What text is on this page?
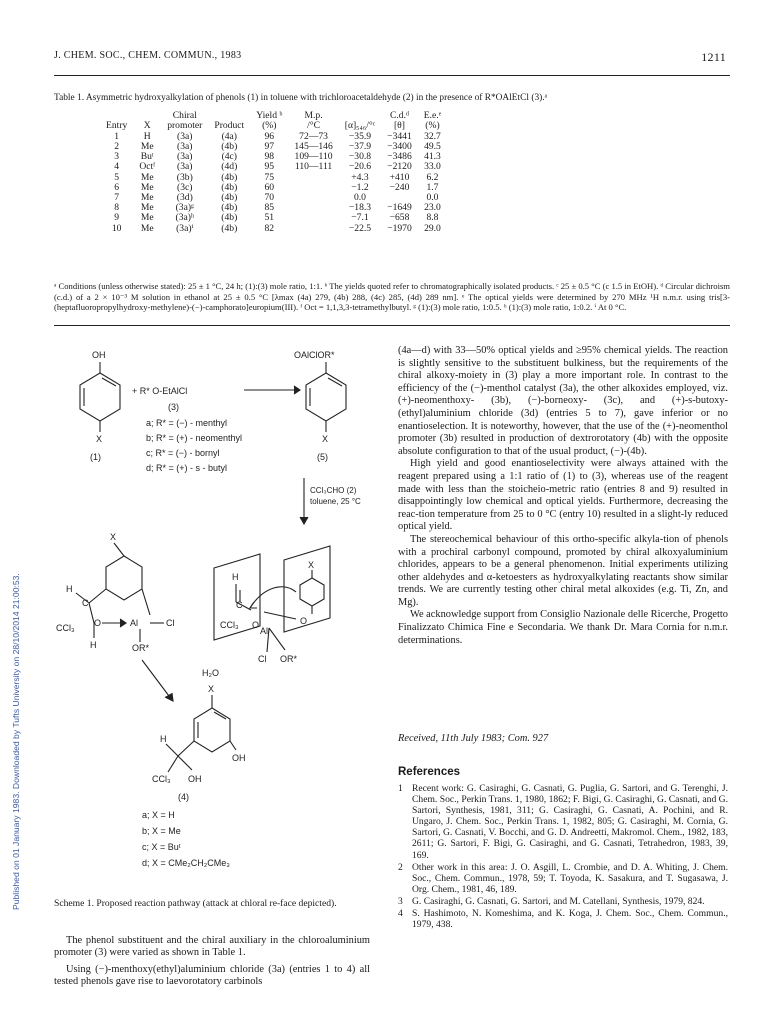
J. CHEM. SOC., CHEM. COMMUN., 1983	1211
Table 1. Asymmetric hydroxyalkylation of phenols (1) in toluene with trichloroacetaldehyde (2) in the presence of R*OAlEtCl (3).ᵃ
		Chiral		Yield ᵇ	M.p.		C.d.ᵈ	E.e.ᵉ
Entry	X	promoter	Product	(%)	/°C	[α]₅₄₆/°ᶜ	[θ]	(%)
1	H	(3a)	(4a)	96	72—73	−35.9	−3441	32.7
2	Me	(3a)	(4b)	97	145—146	−37.9	−3400	49.5
3	Buᵗ	(3a)	(4c)	98	109—110	−30.8	−3486	41.3
4	Octᶠ	(3a)	(4d)	95	110—111	−20.6	−2120	33.0
5	Me	(3b)	(4b)	75		+4.3	+410	6.2
6	Me	(3c)	(4b)	60		−1.2	−240	1.7
7	Me	(3d)	(4b)	70		0.0		0.0
8	Me	(3a)ᵍ	(4b)	85		−18.3	−1649	23.0
9	Me	(3a)ʰ	(4b)	51		−7.1	−658	8.8
10	Me	(3a)ⁱ	(4b)	82		−22.5	−1970	29.0
ᵃ Conditions (unless otherwise stated): 25 ± 1 °C, 24 h; (1):(3) mole ratio, 1:1. ᵇ The yields quoted refer to chromatographically isolated products. ᶜ 25 ± 0.5 °C (c 1.5 in EtOH). ᵈ Circular dichroism (c.d.) of a 2 × 10⁻³ M solution in ethanol at 25 ± 0.5 °C [λmax (4a) 279, (4b) 288, (4c) 285, (4d) 289 nm]. ᵉ The optical yields were determined by 270 MHz ¹H n.m.r. using tris[3-(heptafluoropropylhydroxy-methylene)-(−)-camphorato]europium(III). ᶠ Oct = 1,1,3,3-tetramethylbutyl. ᵍ (1):(3) mole ratio, 1:0.5. ʰ (1):(3) mole ratio, 1:0.2. ⁱ At 0 °C.
Published on 01 January 1983. Downloaded by Tufts University on 28/10/2014 21:00:53.
OH
X
(1)
+ R* O-EtAlCl
(3)
a; R* = (−) - menthyl
b; R* = (+) - neomenthyl
c; R* = (−) - bornyl
d; R* = (+) - s - butyl
OAlClOR*
X
(5)
CCl₃CHO (2)
toluene, 25 °C
X
H
C
CCl₃ O
H
Al	Cl
OR*
H
C
CCl₃ O
Al
O
X
Cl OR*
H₂O
X
H
OH
CCl₃ OH
(4)
a; X = H
b; X = Me
c; X = Buᵗ
d; X = CMe₂CH₂CMe₃
Scheme 1. Proposed reaction pathway (attack at chloral re-face depicted).

The phenol substituent and the chiral auxiliary in the chloroaluminium promoter (3) were varied as shown in Table 1.

Using (−)-menthoxy(ethyl)aluminium chloride (3a) (entries 1 to 4) all tested phenols gave rise to laevorotatory carbinols

(4a—d) with 33—50% optical yields and ≥95% chemical yields. The reaction is slightly sensitive to the substituent bulkiness, but the requirements of the chiral alkoxy-moiety in (3) play a more important role. In contrast to the efficiency of the (−)-menthol catalyst (3a), the other alkoxides employed, viz. (+)-neomenthoxy- (3b), (−)-borneoxy- (3c), and (+)-s-butoxy-(ethyl)aluminium chloride (3d) (entries 5 to 7), gave inferior or no enantioselection. It is noteworthy, however, that the use of the (+)-neomenthol promoter (3b) resulted in production of dextrorotatory (4b) with the opposite absolute configuration to that of the usual product, (−)-(4b).

High yield and good enantioselectivity were always attained with the reagent prepared using a 1:1 ratio of (1) to (3), whereas use of the reagent made with less than the stoicheio-metric ratio (entries 8 and 9) resulted in disappointingly low chemical and optical yields. Furthermore, decreasing the reac-tion temperature from 25 to 0 °C (entry 10) resulted in a slight-ly reduced optical yield.

The stereochemical behaviour of this ortho-specific alkyla-tion of phenols with a prochiral carbonyl compound, promoted by chiral alkoxyaluminium chlorides, appears to be a general phenomenon. Initial experiments utilizing other aldehydes and α-ketoesters as hydroxyalkylating reactants show similar trends. We are currently testing other chiral metal alkoxides (e.g. Ti, Zn, and Mg).

We acknowledge support from Consiglio Nazionale delle Ricerche, Progetto Finalizzato Chimica Fine e Secondaria. We thank Dr. Mara Cornia for n.m.r. determinations.

Received, 11th July 1983; Com. 927
References
1 Recent work: G. Casiraghi, G. Casnati, G. Puglia, G. Sartori, and G. Terenghi, J. Chem. Soc., Perkin Trans. 1, 1980, 1862; F. Bigi, G. Casiraghi, G. Casnati, and G. Sartori, Synthesis, 1981, 311; G. Casiraghi, G. Casnati, A. Pochini, and R. Ungaro, J. Chem. Soc., Perkin Trans. 1, 1982, 805; G. Casiraghi, M. Cornia, G. Sartori, G. Casnati, V. Bocchi, and G. D. Andreetti, Makromol. Chem., 1982, 183, 2611; G. Sartori, F. Bigi, G. Casiraghi, and G. Casnati, Tetrahedron, 1983, 39, 169.
2 Other work in this area: J. O. Asgill, L. Crombie, and D. A. Whiting, J. Chem. Soc., Chem. Commun., 1978, 59; T. Toyoda, K. Sasakura, and T. Sugasawa, J. Org. Chem., 1981, 46, 189.
3 G. Casiraghi, G. Casnati, G. Sartori, and M. Catellani, Synthesis, 1979, 824.
4 S. Hashimoto, N. Komeshima, and K. Koga, J. Chem. Soc., Chem. Commun., 1979, 438.
